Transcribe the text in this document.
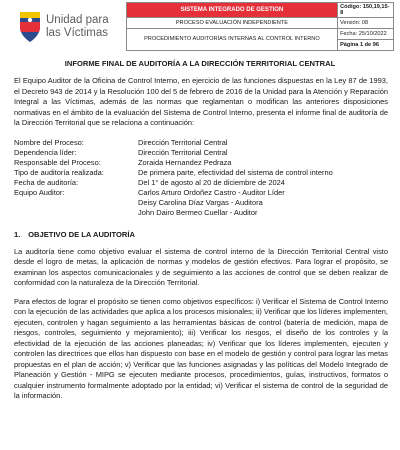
Unidad para
las Víctimas
SISTEMA INTEGRADO DE GESTION	Código: 150,19,15-8
PROCESO EVALUACIÓN INDEPENDIENTE	Versión: 08
PROCEDIMIENTO AUDITORÍAS INTERNAS AL CONTROL INTERNO	Fecha: 25/10/2022
	Página 1 de 96
INFORME FINAL DE AUDITORÍA A LA DIRECCIÓN TERRITORIAL CENTRAL

El Equipo Auditor de la Oficina de Control Interno, en ejercicio de las funciones dispuestas en la Ley 87 de 1993, el Decreto 943 de 2014 y la Resolución 100 del 5 de febrero de 2016 de la Unidad para la Atención y Reparación Integral a las Víctimas, además de las normas que reglamentan o modifican las anteriores disposiciones normativas en el ámbito de la evaluación del Sistema de Control Interno, presenta el informe final de auditoría de la Dirección Territorial que se relaciona a continuación:

Nombre del Proceso:	Dirección Territorial Central
Dependencia líder:	Dirección Territorial Central
Responsable del Proceso:	Zoraida Hernandez Pedraza
Tipo de auditoría realizada:	De primera parte, efectividad del sistema de control interno
Fecha de auditoría:	Del 1° de agosto al 20 de diciembre de 2024
Equipo Auditor:	Carlos Arturo Ordoñez Castro - Auditor Líder
Deisy Carolina Díaz Vargas - Auditora
John Dairo Bermeo Cuellar - Auditor
1. OBJETIVO DE LA AUDITORÍA

La auditoría tiene como objetivo evaluar el sistema de control interno de la Dirección Territorial Central visto desde el logro de metas, la aplicación de normas y modelos de gestión efectivos. Para lograr el propósito, se examinan los aspectos comunicacionales y de seguimiento a las acciones de control que se deben realizar de conformidad con la naturaleza de la Dirección Territorial.

Para efectos de lograr el propósito se tienen como objetivos específicos: i) Verificar el Sistema de Control Interno con la ejecución de las actividades que aplica a los procesos misionales; ii) Verificar que los líderes implementen, ejecuten, controlen y hagan seguimiento a las herramientas básicas de control (batería de medición, mapa de riesgos, controles, seguimiento y mejoramiento); iii) Verificar los riesgos, el diseño de los controles y la efectividad de la ejecución de las acciones planeadas; iv) Verificar que los líderes implementen, ejecuten y controlen las directrices que ellos han dispuesto con base en el modelo de gestión y control para lograr las metas propuestas en el plan de acción; v) Verificar que las funciones asignadas y las políticas del Modelo Integrado de Planeación y Gestión - MIPG se ejecuten mediante procesos, procedimientos, guías, instructivos, formatos o cualquier instrumento formalmente adoptado por la entidad; vi) Verificar el sistema de control de la seguridad de la información.
